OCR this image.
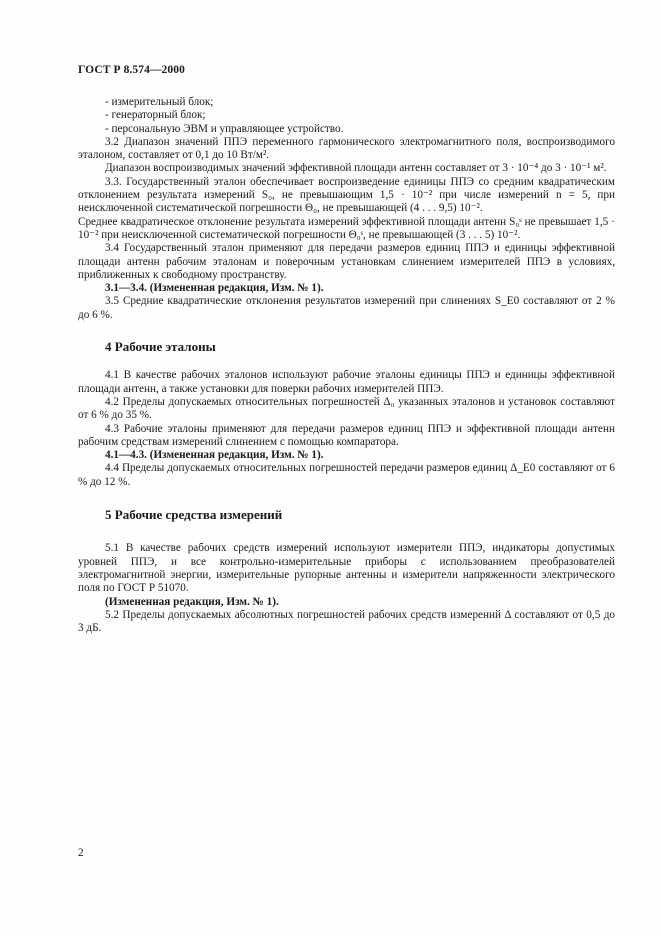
ГОСТ Р 8.574—2000

- измерительный блок;

- генераторный блок;

- персональную ЭВМ и управляющее устройство.

3.2 Диапазон значений ППЭ переменного гармонического электромагнитного поля, воспроизводимого эталоном, составляет от 0,1 до 10 Вт/м².

Диапазон воспроизводимых значений эффективной площади антенн составляет от 3 · 10⁻⁴ до 3 · 10⁻¹ м².

3.3. Государственный эталон обеспечивает воспроизведение единицы ППЭ со средним квадратическим отклонением результата измерений S₀, не превышающим 1,5 · 10⁻² при числе измерений n = 5, при неисключенной систематической погрешности Θ₀, не превышающей (4 . . . 9,5) 10⁻².

Среднее квадратическое отклонение результата измерений эффективной площади антенн S₀ˢ не превышает 1,5 · 10⁻² при неисключенной систематической погрешности Θ₀ˢ, не превышающей (3 . . . 5) 10⁻².

3.4 Государственный эталон применяют для передачи размеров единиц ППЭ и единицы эффективной площади антенн рабочим эталонам и поверочным установкам слинением измерителей ППЭ в условиях, приближенных к свободному пространству.

3.1—3.4. (Измененная редакция, Изм. № 1).

3.5 Средние квадратические отклонения результатов измерений при слинениях S_E0 составляют от 2 % до 6 %.

4 Рабочие эталоны

4.1 В качестве рабочих эталонов используют рабочие эталоны единицы ППЭ и единицы эффективной площади антенн, а также установки для поверки рабочих измерителей ППЭ.

4.2 Пределы допускаемых относительных погрешностей Δ₀ указанных эталонов и установок составляют от 6 % до 35 %.

4.3 Рабочие эталоны применяют для передачи размеров единиц ППЭ и эффективной площади антенн рабочим средствам измерений слинением с помощью компаратора.

4.1—4.3. (Измененная редакция, Изм. № 1).

4.4 Пределы допускаемых относительных погрешностей передачи размеров единиц Δ_E0 составляют от 6 % до 12 %.

5 Рабочие средства измерений

5.1 В качестве рабочих средств измерений используют измерители ППЭ, индикаторы допустимых уровней ППЭ, и все контрольно-измерительные приборы с использованием преобразователей электромагнитной энергии, измерительные рупорные антенны и измерители напряженности электрического поля по ГОСТ Р 51070.

(Измененная редакция, Изм. № 1).

5.2 Пределы допускаемых абсолютных погрешностей рабочих средств измерений Δ составляют от 0,5 до 3 дБ.

2
